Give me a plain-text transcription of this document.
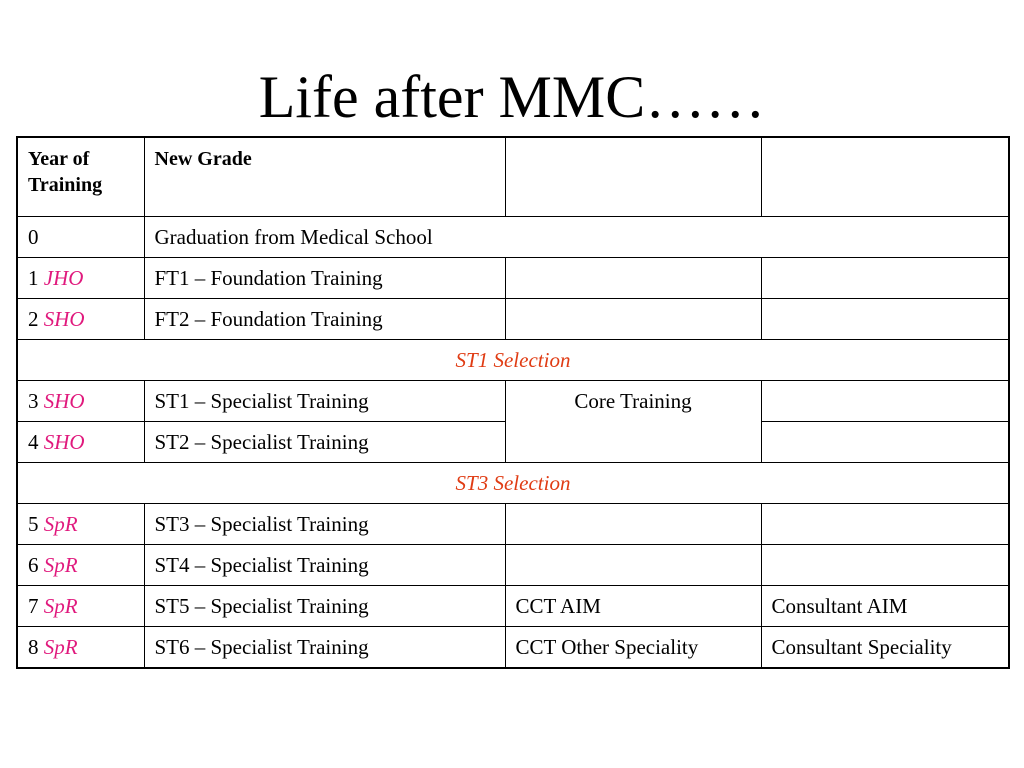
Life after MMC……
Year of Training	New Grade		
0	Graduation from Medical School		
1 JHO	FT1 – Foundation Training		
2 SHO	FT2 – Foundation Training		
ST1 Selection			
3 SHO	ST1 – Specialist Training	Core Training	
4 SHO	ST2 – Specialist Training		
ST3 Selection			
5 SpR	ST3 – Specialist Training		
6 SpR	ST4 – Specialist Training		
7 SpR	ST5 – Specialist Training	CCT AIM	Consultant AIM
8 SpR	ST6 – Specialist Training	CCT Other Speciality	Consultant Speciality
